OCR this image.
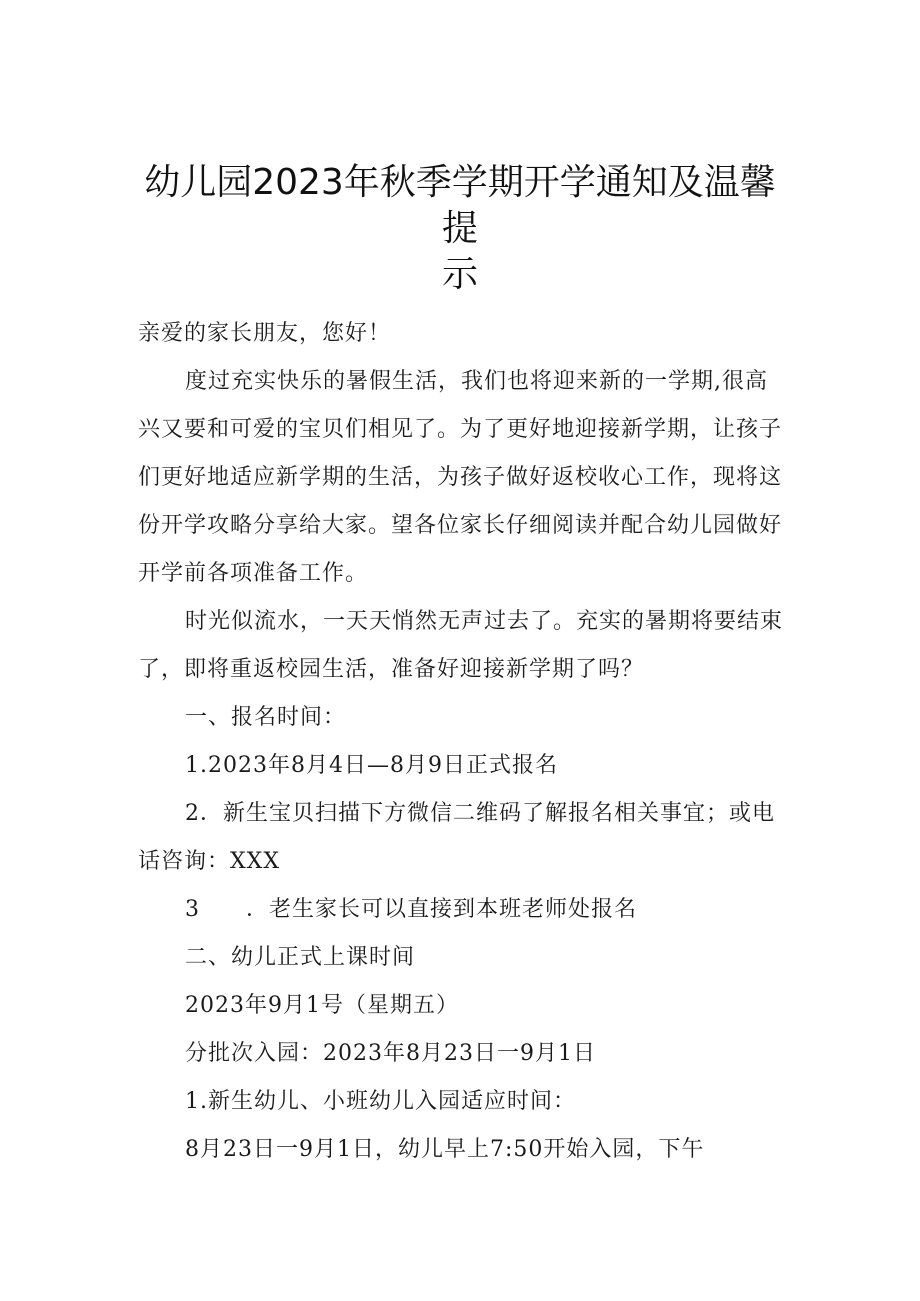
幼儿园2023年秋季学期开学通知及温馨提
示
亲爱的家长朋友，您好！
度过充实快乐的暑假生活，我们也将迎来新的一学期,很高
兴又要和可爱的宝贝们相见了。为了更好地迎接新学期，让孩子
们更好地适应新学期的生活，为孩子做好返校收心工作，现将这
份开学攻略分享给大家。望各位家长仔细阅读并配合幼儿园做好
开学前各项准备工作。
时光似流水，一天天悄然无声过去了。充实的暑期将要结束
了，即将重返校园生活，准备好迎接新学期了吗？
一、报名时间：
1.2023年8月4日—8月9日正式报名
2．新生宝贝扫描下方微信二维码了解报名相关事宜；或电
话咨询：XXX
3 ．老生家长可以直接到本班老师处报名
二、幼儿正式上课时间
2023年9月1号（星期五）
分批次入园：2023年8月23日一9月1日
1.新生幼儿、小班幼儿入园适应时间：
8月23日一9月1日，幼儿早上7:50开始入园，下午
